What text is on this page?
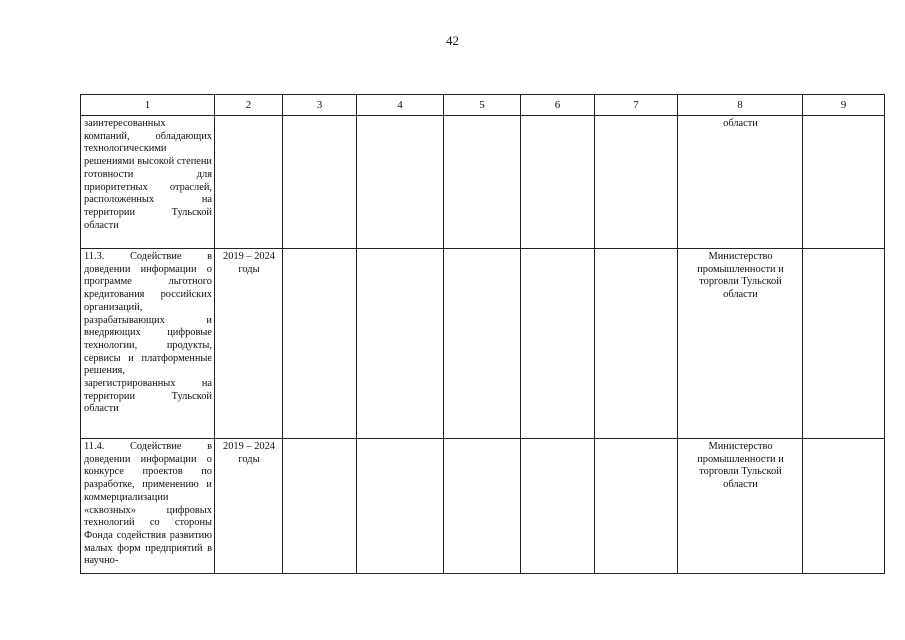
42
1	2	3	4	5	6	7	8	9
заинтересованных компаний, обладающих технологическими решениями высокой степени готовности для приоритетных отраслей, расположенных на территории Тульской области							области	
11.3. Содействие в доведении информации о программе льготного кредитования российских организаций, разрабатывающих и внедряющих цифровые технологии, продукты, сервисы и платформенные решения, зарегистрированных на территории Тульской области	2019 – 2024 годы						Министерство промышленности и торговли Тульской области	
11.4. Содействие в доведении информации о конкурсе проектов по разработке, применению и коммерциализации «сквозных» цифровых технологий со стороны Фонда содействия развитию малых форм предприятий в научно-	2019 – 2024 годы						Министерство промышленности и торговли Тульской области	
